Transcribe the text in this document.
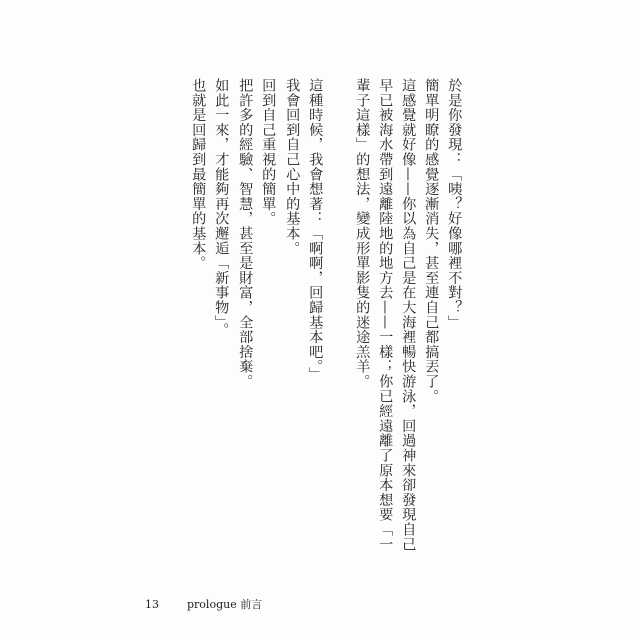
於是你發現：「咦？好像哪裡不對？」
簡單明瞭的感覺逐漸消失，甚至連自己都搞丟了。
這感覺就好像——你以為自己是在大海裡暢快游泳，回過神來卻發現自己
早已被海水帶到遠離陸地的地方去——一樣；你已經遠離了原本想要「一
輩子這樣」的想法，變成形單影隻的迷途羔羊。
這種時候，我會想著：「啊啊，回歸基本吧。」
我會回到自己心中的基本。
回到自己重視的簡單。
把許多的經驗、智慧，甚至是財富，全部捨棄。
如此一來，才能夠再次邂逅「新事物」。
也就是回歸到最簡單的基本。
13	prologue 前言
